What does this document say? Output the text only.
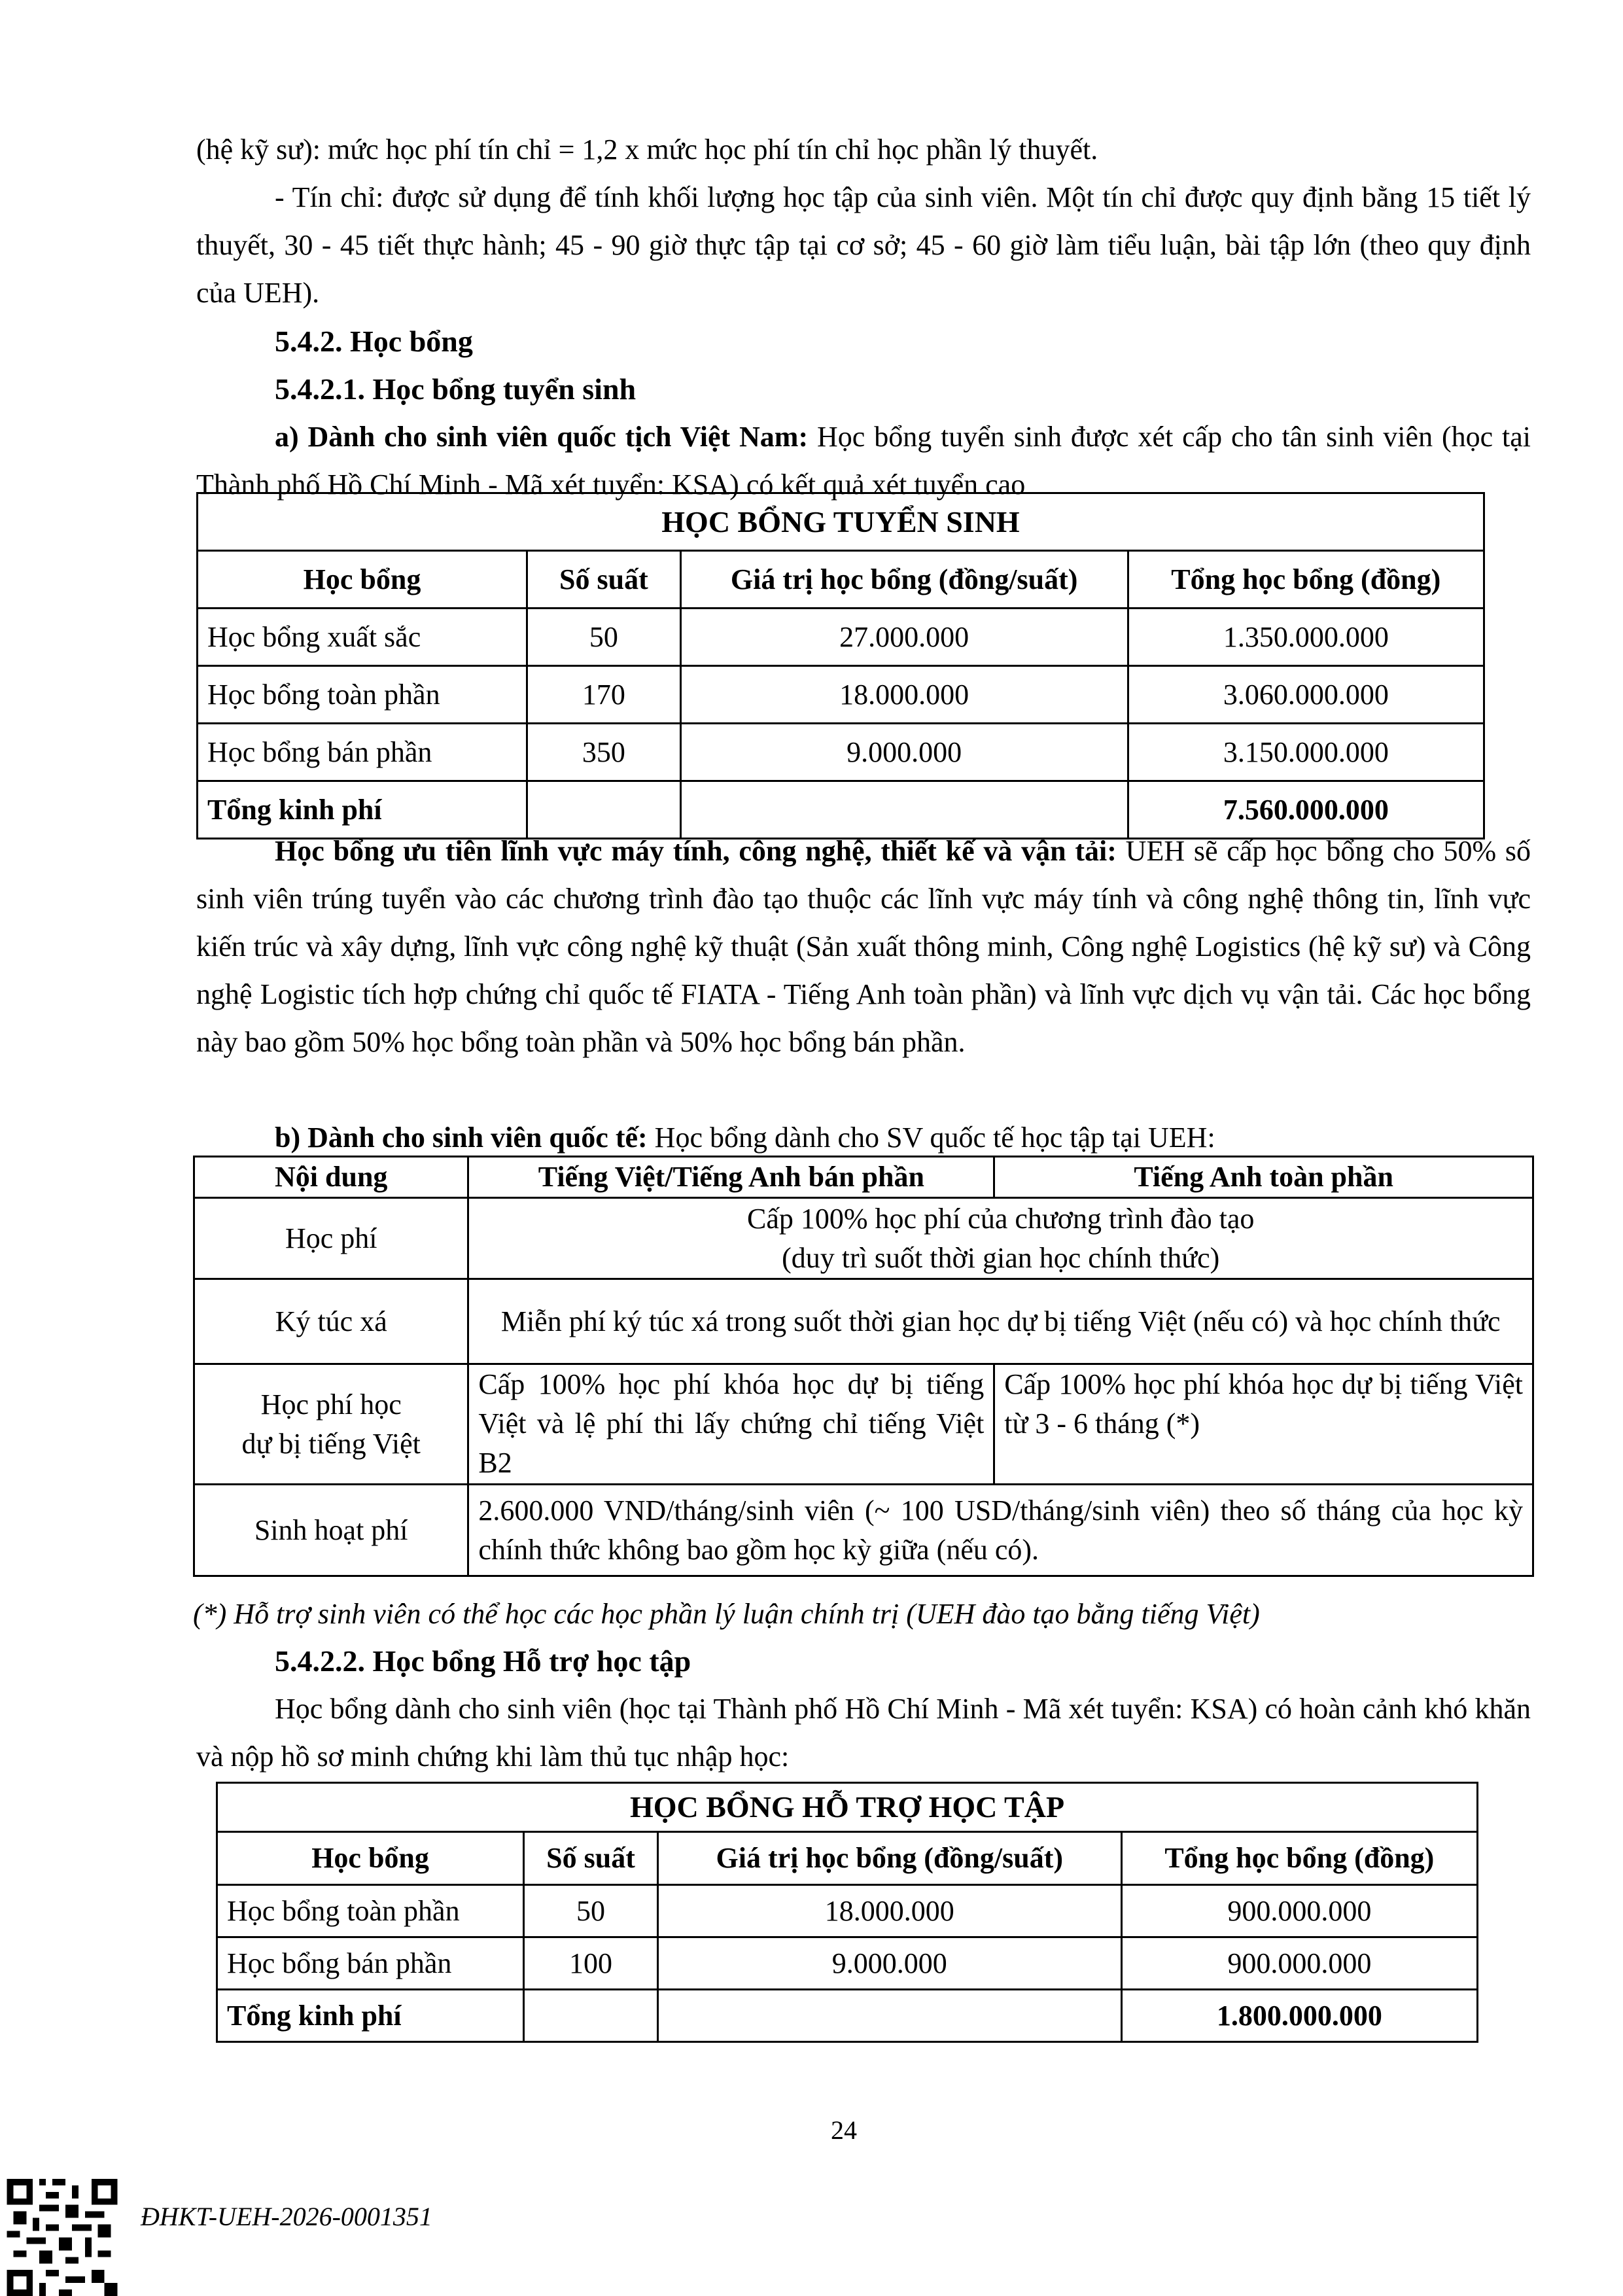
(hệ kỹ sư): mức học phí tín chỉ = 1,2 x mức học phí tín chỉ học phần lý thuyết.
- Tín chỉ: được sử dụng để tính khối lượng học tập của sinh viên. Một tín chỉ được quy định bằng 15 tiết lý thuyết, 30 - 45 tiết thực hành; 45 - 90 giờ thực tập tại cơ sở; 45 - 60 giờ làm tiểu luận, bài tập lớn (theo quy định của UEH).
5.4.2. Học bổng
5.4.2.1. Học bổng tuyển sinh
a) Dành cho sinh viên quốc tịch Việt Nam: Học bổng tuyển sinh được xét cấp cho tân sinh viên (học tại Thành phố Hồ Chí Minh - Mã xét tuyển: KSA) có kết quả xét tuyển cao
HỌC BỔNG TUYỂN SINH			
Học bổng	Số suất	Giá trị học bổng (đồng/suất)	Tổng học bổng (đồng)
Học bổng xuất sắc	50	27.000.000	1.350.000.000
Học bổng toàn phần	170	18.000.000	3.060.000.000
Học bổng bán phần	350	9.000.000	3.150.000.000
Tổng kinh phí			7.560.000.000
Học bổng ưu tiên lĩnh vực máy tính, công nghệ, thiết kế và vận tải: UEH sẽ cấp học bổng cho 50% số sinh viên trúng tuyển vào các chương trình đào tạo thuộc các lĩnh vực máy tính và công nghệ thông tin, lĩnh vực kiến trúc và xây dựng, lĩnh vực công nghệ kỹ thuật (Sản xuất thông minh, Công nghệ Logistics (hệ kỹ sư) và Công nghệ Logistic tích hợp chứng chỉ quốc tế FIATA - Tiếng Anh toàn phần) và lĩnh vực dịch vụ vận tải. Các học bổng này bao gồm 50% học bổng toàn phần và 50% học bổng bán phần.
b) Dành cho sinh viên quốc tế: Học bổng dành cho SV quốc tế học tập tại UEH:
Nội dung	Tiếng Việt/Tiếng Anh bán phần	Tiếng Anh toàn phần
Học phí	Cấp 100% học phí của chương trình đào tạo
(duy trì suốt thời gian học chính thức)	

Ký túc xá	Miễn phí ký túc xá trong suốt thời gian học dự bị tiếng Việt (nếu có) và học chính thức	

Học phí học
dự bị tiếng Việt	Cấp 100% học phí khóa học dự bị tiếng Việt và lệ phí thi lấy chứng chỉ tiếng Việt B2	Cấp 100% học phí khóa học dự bị tiếng Việt từ 3 - 6 tháng (*)
Sinh hoạt phí	2.600.000 VND/tháng/sinh viên (~ 100 USD/tháng/sinh viên) theo số tháng của học kỳ chính thức không bao gồm học kỳ giữa (nếu có).	
(*) Hỗ trợ sinh viên có thể học các học phần lý luận chính trị (UEH đào tạo bằng tiếng Việt)
5.4.2.2. Học bổng Hỗ trợ học tập
Học bổng dành cho sinh viên (học tại Thành phố Hồ Chí Minh - Mã xét tuyển: KSA) có hoàn cảnh khó khăn và nộp hồ sơ minh chứng khi làm thủ tục nhập học:
HỌC BỔNG HỖ TRỢ HỌC TẬP			
Học bổng	Số suất	Giá trị học bổng (đồng/suất)	Tổng học bổng (đồng)
Học bổng toàn phần	50	18.000.000	900.000.000
Học bổng bán phần	100	9.000.000	900.000.000
Tổng kinh phí			1.800.000.000
24
ĐHKT-UEH-2026-0001351
